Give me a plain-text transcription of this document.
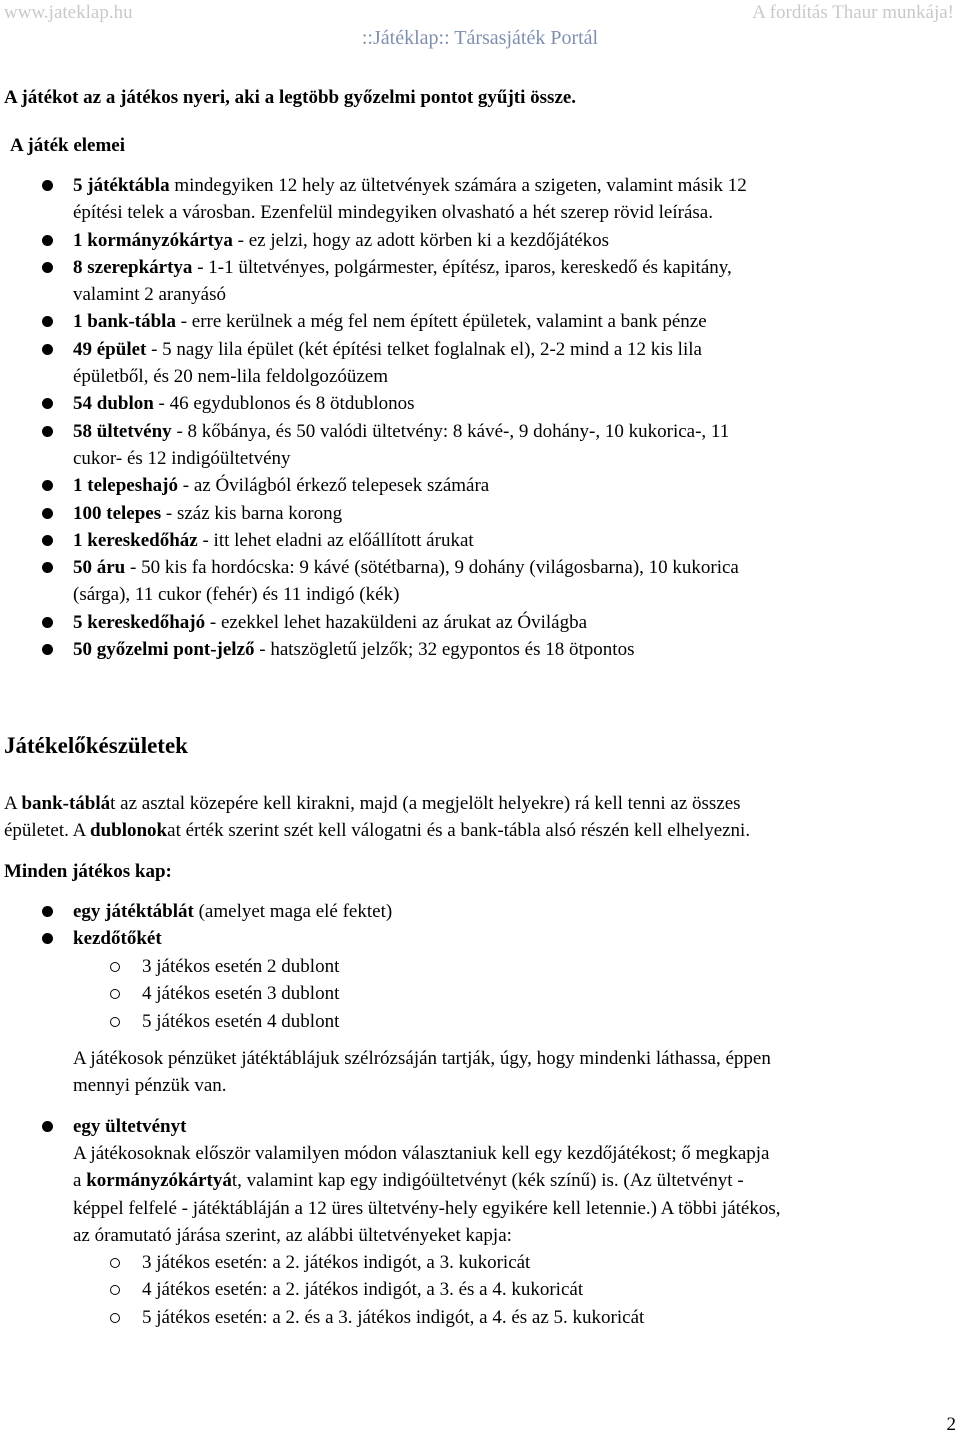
www.jateklap.hu	A fordítás Thaur munkája!
::Játéklap:: Társasjáték Portál
A játékot az a játékos nyeri, aki a legtöbb győzelmi pontot gyűjti össze.
A játék elemei
5 játéktábla mindegyiken 12 hely az ültetvények számára a szigeten, valamint másik 12
építési telek a városban. Ezenfelül mindegyiken olvasható a hét szerep rövid leírása.
1 kormányzókártya - ez jelzi, hogy az adott körben ki a kezdőjátékos
8 szerepkártya - 1-1 ültetvényes, polgármester, építész, iparos, kereskedő és kapitány,
valamint 2 aranyásó
1 bank-tábla - erre kerülnek a még fel nem épített épületek, valamint a bank pénze
49 épület - 5 nagy lila épület (két építési telket foglalnak el), 2-2 mind a 12 kis lila
épületből, és 20 nem-lila feldolgozóüzem
54 dublon - 46 egydublonos és 8 ötdublonos
58 ültetvény - 8 kőbánya, és 50 valódi ültetvény: 8 kávé-, 9 dohány-, 10 kukorica-, 11
cukor- és 12 indigóültetvény
1 telepeshajó - az Óvilágból érkező telepesek számára
100 telepes - száz kis barna korong
1 kereskedőház - itt lehet eladni az előállított árukat
50 áru - 50 kis fa hordócska: 9 kávé (sötétbarna), 9 dohány (világosbarna), 10 kukorica
(sárga), 11 cukor (fehér) és 11 indigó (kék)
5 kereskedőhajó - ezekkel lehet hazaküldeni az árukat az Óvilágba
50 győzelmi pont-jelző - hatszögletű jelzők; 32 egypontos és 18 ötpontos
Játékelőkészületek
A bank-táblát az asztal közepére kell kirakni, majd (a megjelölt helyekre) rá kell tenni az összes
épületet. A dublonokat érték szerint szét kell válogatni és a bank-tábla alsó részén kell elhelyezni.
Minden játékos kap:
egy játéktáblát (amelyet maga elé fektet)
kezdőtőkét
3 játékos esetén 2 dublont
4 játékos esetén 3 dublont
5 játékos esetén 4 dublont
A játékosok pénzüket játéktáblájuk szélrózsáján tartják, úgy, hogy mindenki láthassa, éppen
mennyi pénzük van.
egy ültetvényt
A játékosoknak először valamilyen módon választaniuk kell egy kezdőjátékost; ő megkapja
a kormányzókártyát, valamint kap egy indigóültetvényt (kék színű) is. (Az ültetvényt -
képpel felfelé - játéktábláján a 12 üres ültetvény-hely egyikére kell letennie.) A többi játékos,
az óramutató járása szerint, az alábbi ültetvényeket kapja:
3 játékos esetén: a 2. játékos indigót, a 3. kukoricát
4 játékos esetén: a 2. játékos indigót, a 3. és a 4. kukoricát
5 játékos esetén: a 2. és a 3. játékos indigót, a 4. és az 5. kukoricát
2
